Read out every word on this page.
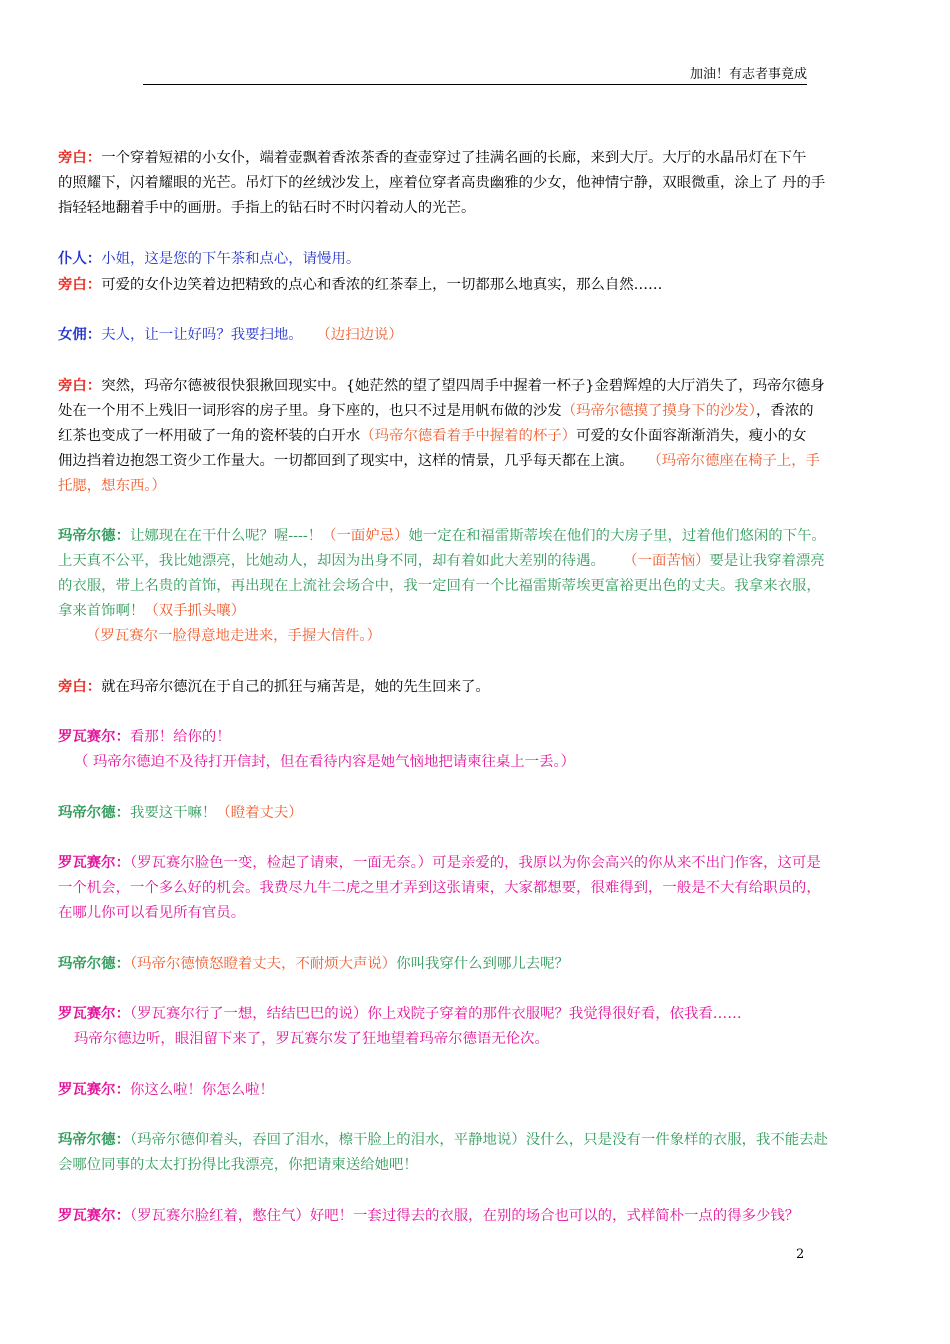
加油！有志者事竟成
旁白：一个穿着短裙的小女仆，端着壶飘着香浓茶香的查壶穿过了挂满名画的长廊，来到大厅。大厅的水晶吊灯在下午
的照耀下，闪着耀眼的光芒。吊灯下的丝绒沙发上，座着位穿者高贵幽雅的少女，他神情宁静，双眼微重，涂上了 丹的手
指轻轻地翻着手中的画册。手指上的钻石时不时闪着动人的光芒。
仆人：小姐，这是您的下午茶和点心，请慢用。
旁白：可爱的女仆边笑着边把精致的点心和香浓的红茶奉上，一切都那么地真实，那么自然……
女佣：夫人，让一让好吗？我要扫地。 （边扫边说）
旁白：突然，玛帝尔德被很快狠揪回现实中。{她茫然的望了望四周手中握着一杯子}金碧辉煌的大厅消失了，玛帝尔德身
处在一个用不上残旧一词形容的房子里。身下座的，也只不过是用帆布做的沙发（玛帝尔德摸了摸身下的沙发），香浓的
红茶也变成了一杯用破了一角的瓷杯装的白开水（玛帝尔德看着手中握着的杯子）可爱的女仆面容渐渐消失，瘦小的女
佣边挡着边抱怨工资少工作量大。一切都回到了现实中，这样的情景，几乎每天都在上演。 （玛帝尔德座在椅子上，手
托腮，想东西。）
玛帝尔德：让娜现在在干什么呢？喔----！（一面妒忌）她一定在和福雷斯蒂埃在他们的大房子里，过着他们悠闲的下午。
上天真不公平，我比她漂亮，比她动人，却因为出身不同，却有着如此大差别的待遇。 （一面苦恼）要是让我穿着漂亮
的衣服，带上名贵的首饰，再出现在上流社会场合中，我一定回有一个比福雷斯蒂埃更富裕更出色的丈夫。我拿来衣服，
拿来首饰啊！（双手抓头嚷）
（罗瓦赛尔一脸得意地走进来，手握大信件。）
旁白：就在玛帝尔德沉在于自己的抓狂与痛苦是，她的先生回来了。
罗瓦赛尔：看那！给你的！
（ 玛帝尔德迫不及待打开信封，但在看待内容是她气恼地把请柬往桌上一丢。）
玛帝尔德：我要这干嘛！（瞪着丈夫）
罗瓦赛尔：（罗瓦赛尔脸色一变，检起了请柬，一面无奈。）可是亲爱的，我原以为你会高兴的你从来不出门作客，这可是
一个机会，一个多么好的机会。我费尽九牛二虎之里才弄到这张请柬，大家都想要，很难得到，一般是不大有给职员的，
在哪儿你可以看见所有官员。
玛帝尔德：（玛帝尔德愤怒瞪着丈夫，不耐烦大声说）你叫我穿什么到哪儿去呢？
罗瓦赛尔：（罗瓦赛尔行了一想，结结巴巴的说）你上戏院子穿着的那件衣服呢？我觉得很好看，依我看……
玛帝尔德边听，眼泪留下来了，罗瓦赛尔发了狂地望着玛帝尔德语无伦次。
罗瓦赛尔：你这么啦！你怎么啦！
玛帝尔德：（玛帝尔德仰着头，吞回了泪水，檫干脸上的泪水，平静地说）没什么，只是没有一件象样的衣服，我不能去赴
会哪位同事的太太打扮得比我漂亮，你把请柬送给她吧！
罗瓦赛尔：（罗瓦赛尔脸红着，憋住气）好吧！一套过得去的衣服，在别的场合也可以的，式样简朴一点的得多少钱？
2
